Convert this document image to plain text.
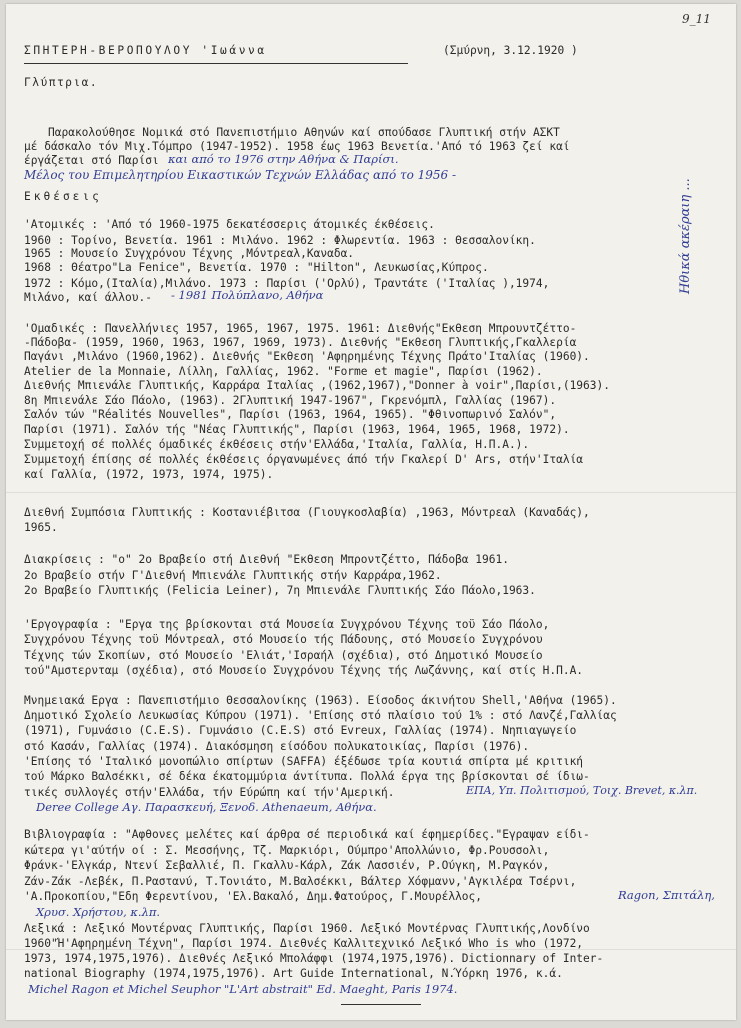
9_11
ΣΠΗΤΕΡΗ-ΒΕΡΟΠΟΥΛΟΥ 'Ιωάννα	(Σμύρνη, 3.12.1920 )
Γλύπτρια.
Παρακολούθησε Νομικά στό Πανεπιστήμιο Αθηνών καί σπούδασε Γλυπτική στήν ΑΣΚΤ
μέ δάσκαλο τόν Μιχ.Τόμπρο (1947-1952). 1958 έως 1963 Βενετία.'Από τό 1963 ζεί καί
έργάζεται στό Παρίσι και από το 1976 στην Αθήνα & Παρίσι.
Μέλος του Επιμελητηρίου Εικαστικών Τεχνών Ελλάδας από το 1956 -
Εκθέσεις
'Ατομικές : 'Από τό 1960-1975 δεκατέσσερις άτομικές έκθέσεις.
1960 : Τορίνο, Βενετία. 1961 : Μιλάνο. 1962 : Φλωρεντία. 1963 : Θεσσαλονίκη.
1965 : Μουσείο Συγχρόνου Τέχνης ,Μόντρεαλ,Καναδα.
1968 : Θέατρο"La Fenice", Βενετία. 1970 : "Hilton", Λευκωσίας,Κύπρος.
1972 : Κόμο,(Ιταλία),Μιλάνο. 1973 : Παρίσι ('Ορλύ), Τραντάτε ('Ιταλίας ),1974,
Μιλάνο, καί άλλου.- - 1981 Πολύπλανο, Αθήνα
'Ομαδικές : Πανελλήνιες 1957, 1965, 1967, 1975. 1961: Διεθνής"Εκθεση Μπρουντζέττο-
-Πάδοβα- (1959, 1960, 1963, 1967, 1969, 1973). Διεθνής "Εκθεση Γλυπτικής,Γκαλλερία
Παγάνι ,Μιλάνο (1960,1962). Διεθνής "Εκθεση 'Αφηρημένης Τέχνης Πράτο'Ιταλίας (1960).
Atelier de la Monnaie, Λίλλη, Γαλλίας, 1962. "Forme et magie", Παρίσι (1962).
Διεθνής Μπιενάλε Γλυπτικής, Καρράρα Ιταλίας ,(1962,1967),"Donner à voir",Παρίσι,(1963).
8η Μπιενάλε Σάο Πάολο, (1963). 2Γλυπτική 1947-1967", Γκρενόμπλ, Γαλλίας (1967).
Σαλόν τών "Réalités Nouvelles", Παρίσι (1963, 1964, 1965). "Φθινοπωρινό Σαλόν",
Παρίσι (1971). Σαλόν τής "Νέας Γλυπτικής", Παρίσι (1963, 1964, 1965, 1968, 1972).
Συμμετοχή σέ πολλές όμαδικές έκθέσεις στήν'Ελλάδα,'Ιταλία, Γαλλία, Η.Π.Α.).
Συμμετοχή έπίσης σέ πολλές έκθέσεις όργανωμένες άπό τήν Γκαλερί D' Ars, στήν'Ιταλία
καί Γαλλία, (1972, 1973, 1974, 1975).
Διεθνή Συμπόσια Γλυπτικής : Κοστανιέβιτσα (Γιουγκοσλαβία) ,1963, Μόντρεαλ (Καναδάς),
1965.
Διακρίσεις : "ο" 2ο Βραβείο στή Διεθνή "Εκθεση Μπροντζέττο, Πάδοβα 1961.
2ο Βραβείο στήν Γ'Διεθνή Μπιενάλε Γλυπτικής στήν Καρράρα,1962.
2ο Βραβείο Γλυπτικής (Felicia Leiner), 7η Μπιενάλε Γλυπτικής Σάο Πάολο,1963.
'Εργογραφία : "Εργα της βρίσκονται στά Μουσεία Συγχρόνου Τέχνης τοϋ Σάο Πάολο,
Συγχρόνου Τέχνης τοϋ Μόντρεαλ, στό Μουσείο τής Πάδουης, στό Μουσείο Συγχρόνου
Τέχνης τών Σκοπίων, στό Μουσείο 'Ελιάτ,'Ισραήλ (σχέδια), στό Δημοτικό Μουσείο
τού"Αμστερνταμ (σχέδια), στό Μουσείο Συγχρόνου Τέχνης τής Λωζάννης, καί στίς Η.Π.Α.
Μνημειακά Εργα : Πανεπιστήμιο Θεσσαλονίκης (1963). Είσοδος άκινήτου Shell,'Αθήνα (1965).
Δημοτικό Σχολείο Λευκωσίας Κύπρου (1971). 'Επίσης στό πλαίσιο τού 1% : στό Λανζέ,Γαλλίας
(1971), Γυμνάσιο (C.E.S). Γυμνάσιο (C.E.S) στό Evreux, Γαλλίας (1974). Νηπιαγωγείο
στό Κασάν, Γαλλίας (1974). Διακόσμηση είσόδου πολυκατοικίας, Παρίσι (1976).
'Επίσης τό 'Ιταλικό μονοπώλιο σπίρτων (SAFFA) έξέδωσε τρία κουτιά σπίρτα μέ κριτική
τού Μάρκο Βαλσέκκι, σέ δέκα έκατομμύρια άντίτυπα. Πολλά έργα της βρίσκονται σέ ίδιω-
τικές συλλογές στήν'Ελλάδα, τήν Εύρώπη καί τήν'Αμερική.	ΕΠΑ, Υπ. Πολιτισμού, Τοιχ. Brevet, κ.λπ.
Deree College Αγ. Παρασκευή, Ξενοδ. Athenaeum, Αθήνα.
Βιβλιογραφία : "Αφθονες μελέτες καί άρθρα σέ περιοδικά καί έφημερίδες."Εγραψαν είδι-
κώτερα γι'αύτήν οί : Σ. Μεσσήνης, Τζ. Μαρκιόρι, Ούμπρο'Απολλώνιο, Φρ.Ρουσσολι,
Φράνκ-'Ελγκάρ, Ντενί Σεβαλλιέ, Π. Γκαλλυ-Κάρλ, Ζάκ Λασσιέν, Ρ.Ούγκη, Μ.Ραγκόν,
Ζάν-Ζάκ -Λεβέκ, Π.Ραστανύ, Τ.Τονιάτο, Μ.Βαλσέκκι, Βάλτερ Χόφμανν,'Αγκιλέρα Τσέρνι,
'Α.Προκοπίου,"Εδη Φερεντίνου, 'Ελ.Βακαλό, Δημ.Φατούρος, Γ.Μουρέλλος,	Ragon, Σπιτάλη,
Χρυσ. Χρήστου, κ.λπ.
Λεξικά : Λεξικό Μοντέρνας Γλυπτικής, Παρίσι 1960. Λεξικό Μοντέρνας Γλυπτικής,Λονδίνο
1960"Ή'Αφηρημένη Τέχνη", Παρίσι 1974. Διεθνές Καλλιτεχνικό Λεξικό Who is who (1972,
1973, 1974,1975,1976). Διεθνές Λεξικό Μπολάφφι (1974,1975,1976). Dictionnary of Inter-
national Biography (1974,1975,1976). Art Guide International, Ν.Ύόρκη 1976, κ.ά.
Michel Ragon et Michel Seuphor "L'Art abstrait" Ed. Maeght, Paris 1974.
Ηθικά ακέραιη ...
